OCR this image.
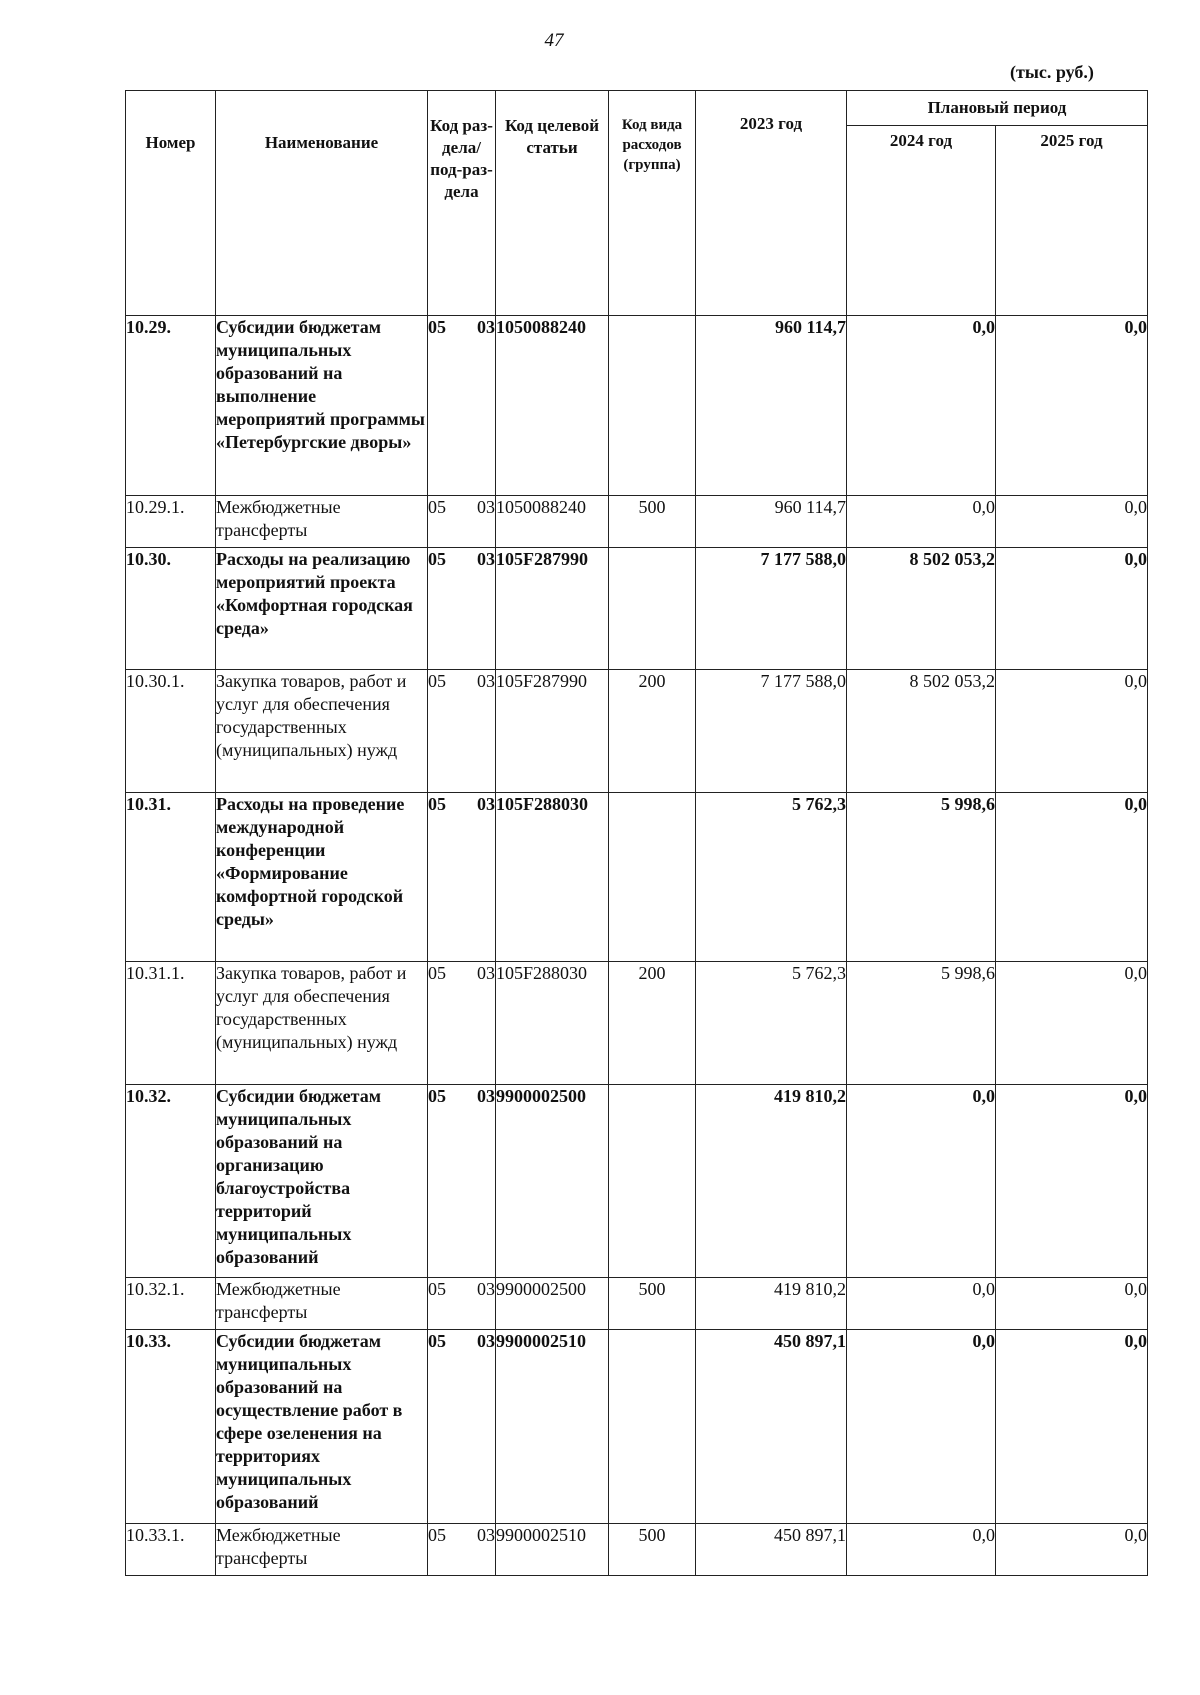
47
(тыс. руб.)
Номер	Наименование	Код раз-дела/ под-раз-дела	Код целевой статьи	Код вида расходов (группа)	2023 год	Плановый период	
						2024 год	2025 год
10.29.	Субсидии бюджетам муниципальных образований на выполнение мероприятий программы «Петербургские дворы»	05 03	1050088240		960 114,7	0,0	0,0
10.29.1.	Межбюджетные трансферты	05 03	1050088240	500	960 114,7	0,0	0,0
10.30.	Расходы на реализацию мероприятий проекта «Комфортная городская среда»	05 03	105F287990		7 177 588,0	8 502 053,2	0,0
10.30.1.	Закупка товаров, работ и услуг для обеспечения государственных (муниципальных) нужд	05 03	105F287990	200	7 177 588,0	8 502 053,2	0,0
10.31.	Расходы на проведение международной конференции «Формирование комфортной городской среды»	05 03	105F288030		5 762,3	5 998,6	0,0
10.31.1.	Закупка товаров, работ и услуг для обеспечения государственных (муниципальных) нужд	05 03	105F288030	200	5 762,3	5 998,6	0,0
10.32.	Субсидии бюджетам муниципальных образований на организацию благоустройства территорий муниципальных образований	05 03	9900002500		419 810,2	0,0	0,0
10.32.1.	Межбюджетные трансферты	05 03	9900002500	500	419 810,2	0,0	0,0
10.33.	Субсидии бюджетам муниципальных образований на осуществление работ в сфере озеленения на территориях муниципальных образований	05 03	9900002510		450 897,1	0,0	0,0
10.33.1.	Межбюджетные трансферты	05 03	9900002510	500	450 897,1	0,0	0,0
